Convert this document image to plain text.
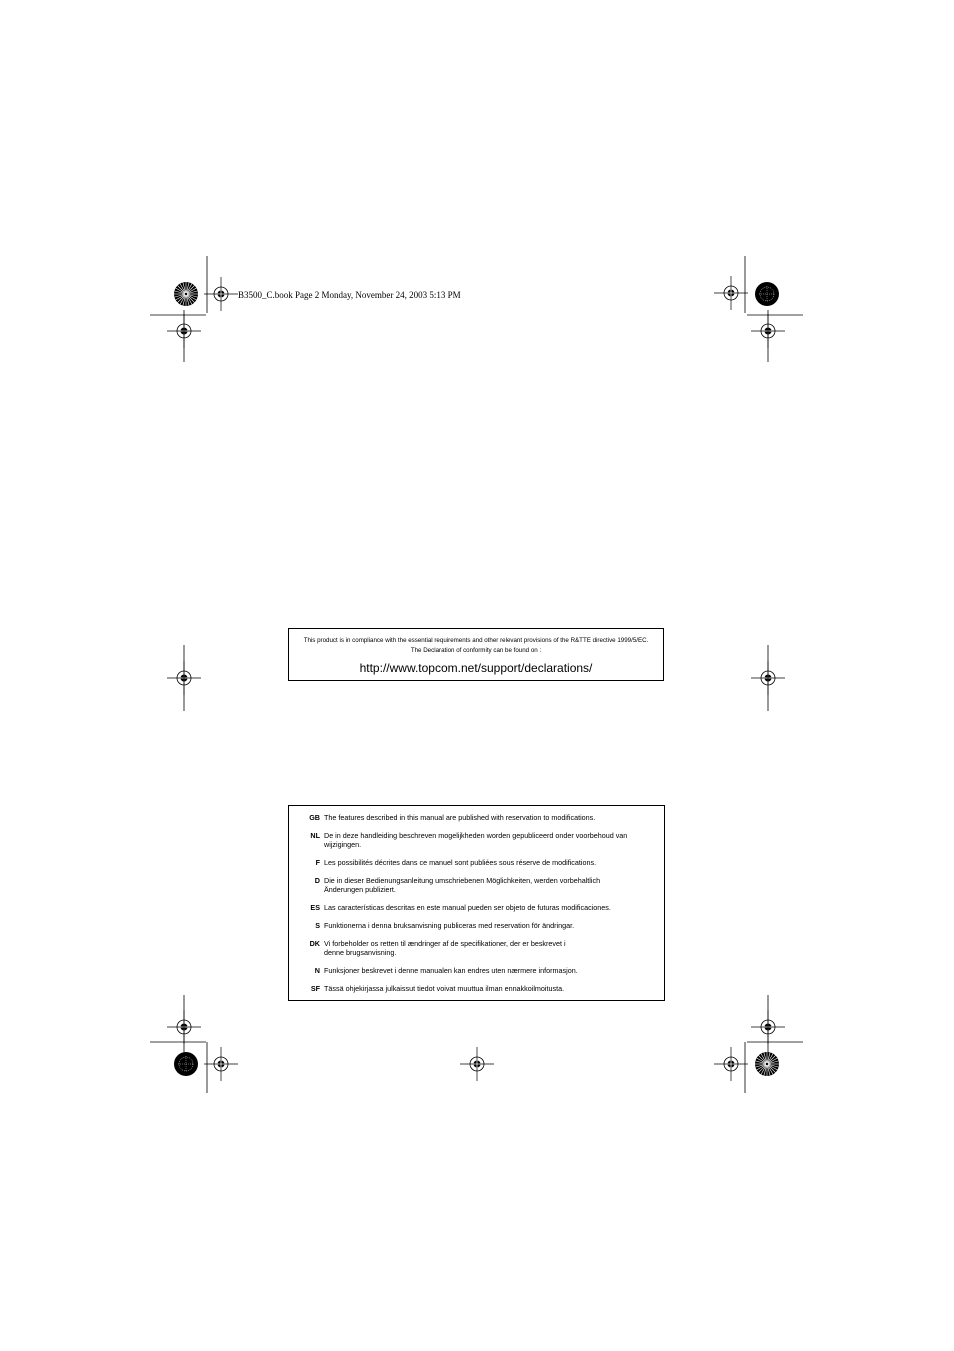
B3500_C.book Page 2 Monday, November 24, 2003 5:13 PM
This product is in compliance with the essential requirements and other relevant provisions of the R&TTE directive 1999/5/EC.
The Declaration of conformity can be found on :
http://www.topcom.net/support/declarations/
GB The features described in this manual are published with reservation to modifications.
NL De in deze handleiding beschreven mogelijkheden worden gepubliceerd onder voorbehoud van wijzigingen.
F Les possibilités décrites dans ce manuel sont publiées sous réserve de modifications.
D Die in dieser Bedienungsanleitung umschriebenen Möglichkeiten, werden vorbehaltlich Änderungen publiziert.
ES Las características descritas en este manual pueden ser objeto de futuras modificaciones.
S Funktionerna i denna bruksanvisning publiceras med reservation för ändringar.
DK Vi forbeholder os retten til ændringer af de specifikationer, der er beskrevet i denne brugsanvisning.
N Funksjoner beskrevet i denne manualen kan endres uten nærmere informasjon.
SF Tässä ohjekirjassa julkaissut tiedot voivat muuttua ilman ennakkoilmoitusta.
